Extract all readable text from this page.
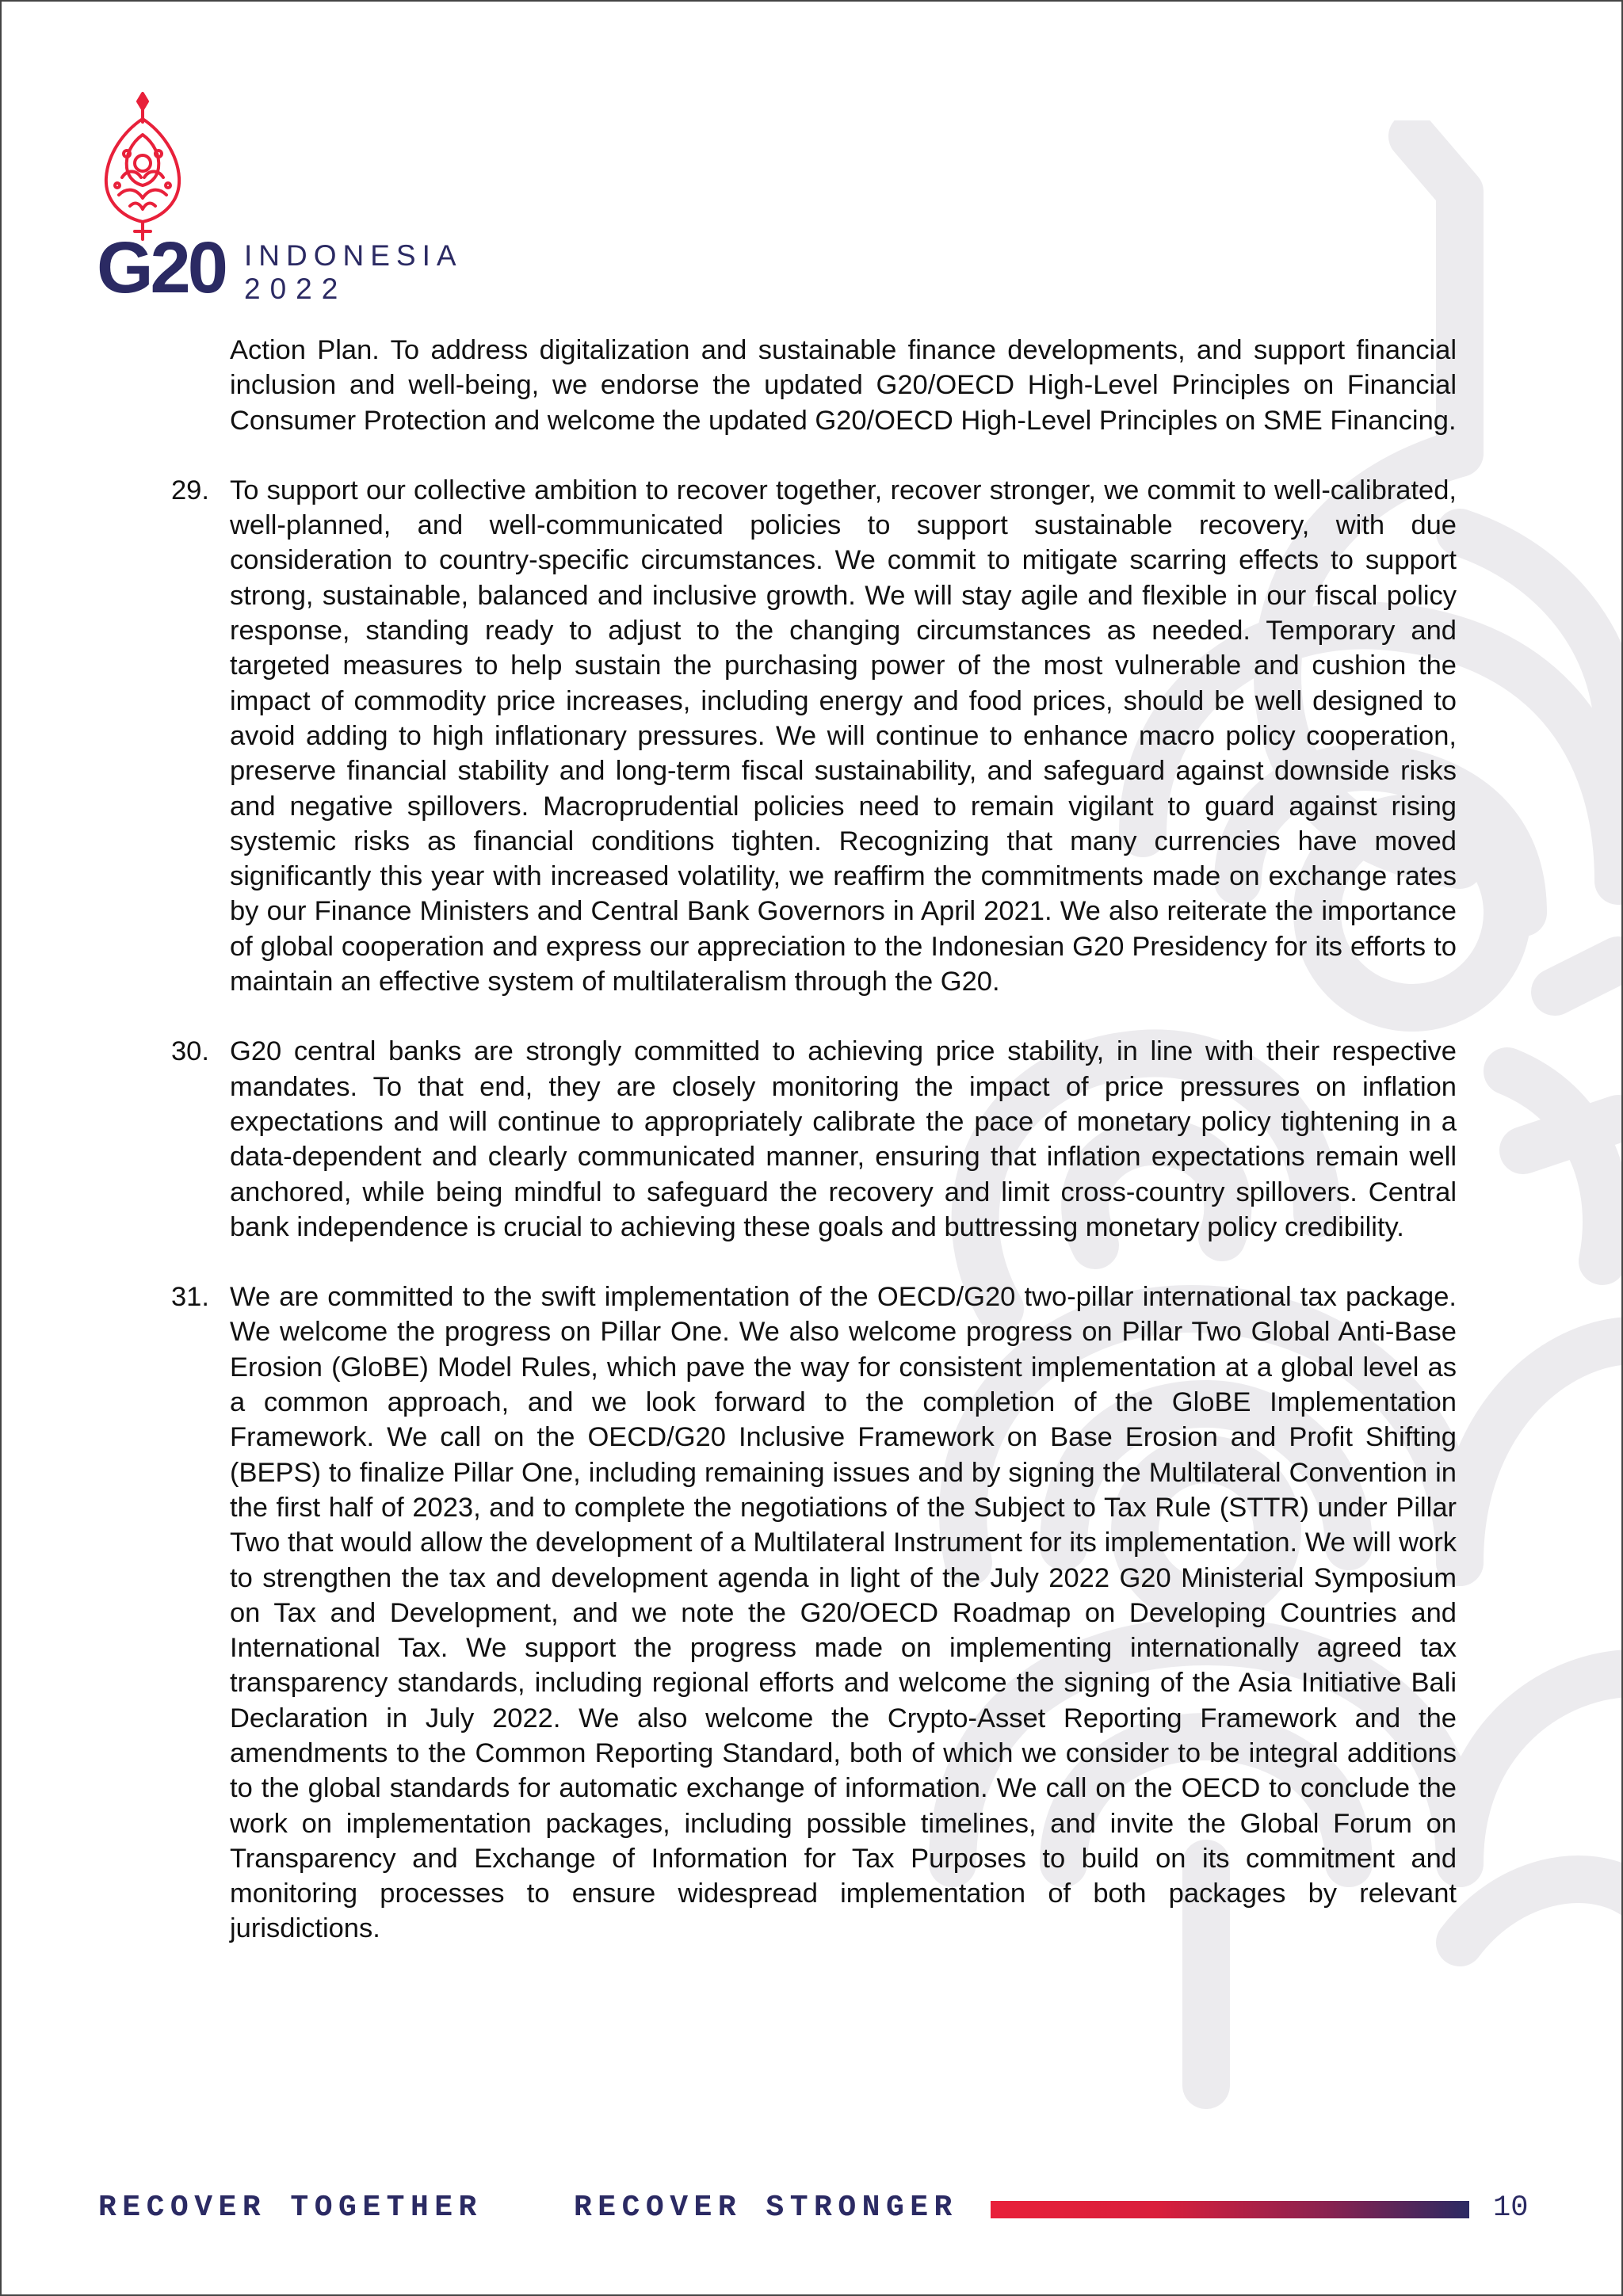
G20 INDONESIA
2022

Action Plan. To address digitalization and sustainable finance developments, and support financial inclusion and well-being, we endorse the updated G20/OECD High-Level Principles on Financial Consumer Protection and welcome the updated G20/OECD High-Level Principles on SME Financing.

29. To support our collective ambition to recover together, recover stronger, we commit to well-calibrated, well-planned, and well-communicated policies to support sustainable recovery, with due consideration to country-specific circumstances. We commit to mitigate scarring effects to support strong, sustainable, balanced and inclusive growth. We will stay agile and flexible in our fiscal policy response, standing ready to adjust to the changing circumstances as needed. Temporary and targeted measures to help sustain the purchasing power of the most vulnerable and cushion the impact of commodity price increases, including energy and food prices, should be well designed to avoid adding to high inflationary pressures. We will continue to enhance macro policy cooperation, preserve financial stability and long-term fiscal sustainability, and safeguard against downside risks and negative spillovers. Macroprudential policies need to remain vigilant to guard against rising systemic risks as financial conditions tighten. Recognizing that many currencies have moved significantly this year with increased volatility, we reaffirm the commitments made on exchange rates by our Finance Ministers and Central Bank Governors in April 2021. We also reiterate the importance of global cooperation and express our appreciation to the Indonesian G20 Presidency for its efforts to maintain an effective system of multilateralism through the G20.

30. G20 central banks are strongly committed to achieving price stability, in line with their respective mandates. To that end, they are closely monitoring the impact of price pressures on inflation expectations and will continue to appropriately calibrate the pace of monetary policy tightening in a data-dependent and clearly communicated manner, ensuring that inflation expectations remain well anchored, while being mindful to safeguard the recovery and limit cross-country spillovers. Central bank independence is crucial to achieving these goals and buttressing monetary policy credibility.

31. We are committed to the swift implementation of the OECD/G20 two-pillar international tax package. We welcome the progress on Pillar One. We also welcome progress on Pillar Two Global Anti-Base Erosion (GloBE) Model Rules, which pave the way for consistent implementation at a global level as a common approach, and we look forward to the completion of the GloBE Implementation Framework. We call on the OECD/G20 Inclusive Framework on Base Erosion and Profit Shifting (BEPS) to finalize Pillar One, including remaining issues and by signing the Multilateral Convention in the first half of 2023, and to complete the negotiations of the Subject to Tax Rule (STTR) under Pillar Two that would allow the development of a Multilateral Instrument for its implementation. We will work to strengthen the tax and development agenda in light of the July 2022 G20 Ministerial Symposium on Tax and Development, and we note the G20/OECD Roadmap on Developing Countries and International Tax. We support the progress made on implementing internationally agreed tax transparency standards, including regional efforts and welcome the signing of the Asia Initiative Bali Declaration in July 2022. We also welcome the Crypto-Asset Reporting Framework and the amendments to the Common Reporting Standard, both of which we consider to be integral additions to the global standards for automatic exchange of information. We call on the OECD to conclude the work on implementation packages, including possible timelines, and invite the Global Forum on Transparency and Exchange of Information for Tax Purposes to build on its commitment and monitoring processes to ensure widespread implementation of both packages by relevant jurisdictions.

RECOVER TOGETHER	RECOVER STRONGER	10
